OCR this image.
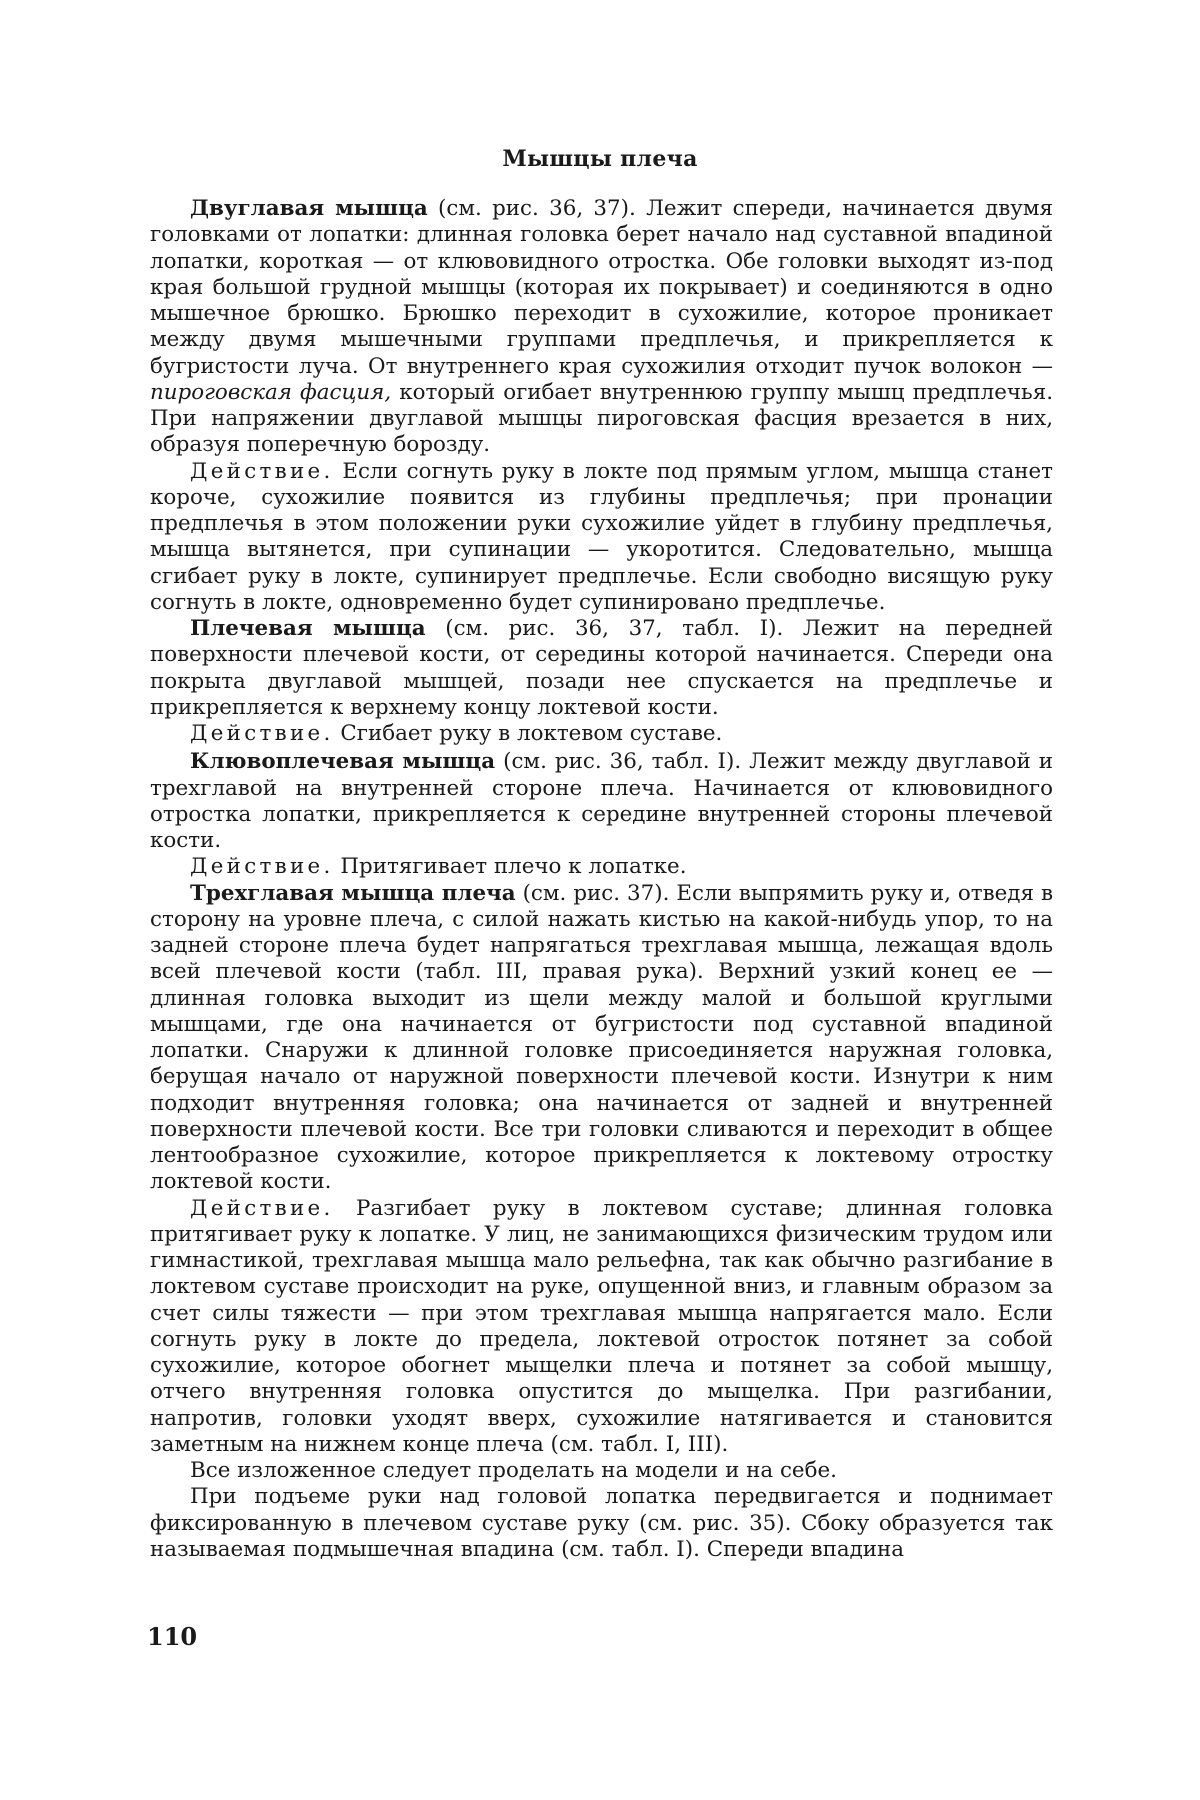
Мышцы плеча

Двуглавая мышца (см. рис. 36, 37). Лежит спереди, начинается двумя головками от лопатки: длинная головка берет начало над суставной впадиной лопатки, короткая — от клювовидного отростка. Обе головки выходят из-под края большой грудной мышцы (которая их покрывает) и соединяются в одно мышечное брюшко. Брюшко переходит в сухожилие, которое проникает между двумя мышечными группами предплечья, и прикрепляется к бугристости луча. От внутреннего края сухожилия отходит пучок волокон — пироговская фасция, который огибает внутреннюю группу мышц предплечья. При напряжении двуглавой мышцы пироговская фасция врезается в них, образуя поперечную борозду.

Действие. Если согнуть руку в локте под прямым углом, мышца станет короче, сухожилие появится из глубины предплечья; при пронации предплечья в этом положении руки сухожилие уйдет в глубину предплечья, мышца вытянется, при супинации — укоротится. Следовательно, мышца сгибает руку в локте, супинирует предплечье. Если свободно висящую руку согнуть в локте, одновременно будет супинировано предплечье.

Плечевая мышца (см. рис. 36, 37, табл. I). Лежит на передней поверхности плечевой кости, от середины которой начинается. Спереди она покрыта двуглавой мышцей, позади нее спускается на предплечье и прикрепляется к верхнему концу локтевой кости.

Действие. Сгибает руку в локтевом суставе.

Клювоплечевая мышца (см. рис. 36, табл. I). Лежит между двуглавой и трехглавой на внутренней стороне плеча. Начинается от клювовидного отростка лопатки, прикрепляется к середине внутренней стороны плечевой кости.

Действие. Притягивает плечо к лопатке.

Трехглавая мышца плеча (см. рис. 37). Если выпрямить руку и, отведя в сторону на уровне плеча, с силой нажать кистью на какой-нибудь упор, то на задней стороне плеча будет напрягаться трехглавая мышца, лежащая вдоль всей плечевой кости (табл. III, правая рука). Верхний узкий конец ее — длинная головка выходит из щели между малой и большой круглыми мышцами, где она начинается от бугристости под суставной впадиной лопатки. Снаружи к длинной головке присоединяется наружная головка, берущая начало от наружной поверхности плечевой кости. Изнутри к ним подходит внутренняя головка; она начинается от задней и внутренней поверхности плечевой кости. Все три головки сливаются и переходит в общее лентообразное сухожилие, которое прикрепляется к локтевому отростку локтевой кости.

Действие. Разгибает руку в локтевом суставе; длинная головка притягивает руку к лопатке. У лиц, не занимающихся физическим трудом или гимнастикой, трехглавая мышца мало рельефна, так как обычно разгибание в локтевом суставе происходит на руке, опущенной вниз, и главным образом за счет силы тяжести — при этом трехглавая мышца напрягается мало. Если согнуть руку в локте до предела, локтевой отросток потянет за собой сухожилие, которое обогнет мыщелки плеча и потянет за собой мышцу, отчего внутренняя головка опустится до мыщелка. При разгибании, напротив, головки уходят вверх, сухожилие натягивается и становится заметным на нижнем конце плеча (см. табл. I, III).

Все изложенное следует проделать на модели и на себе.

При подъеме руки над головой лопатка передвигается и поднимает фиксированную в плечевом суставе руку (см. рис. 35). Сбоку образуется так называемая подмышечная впадина (см. табл. I). Спереди впадина

110
